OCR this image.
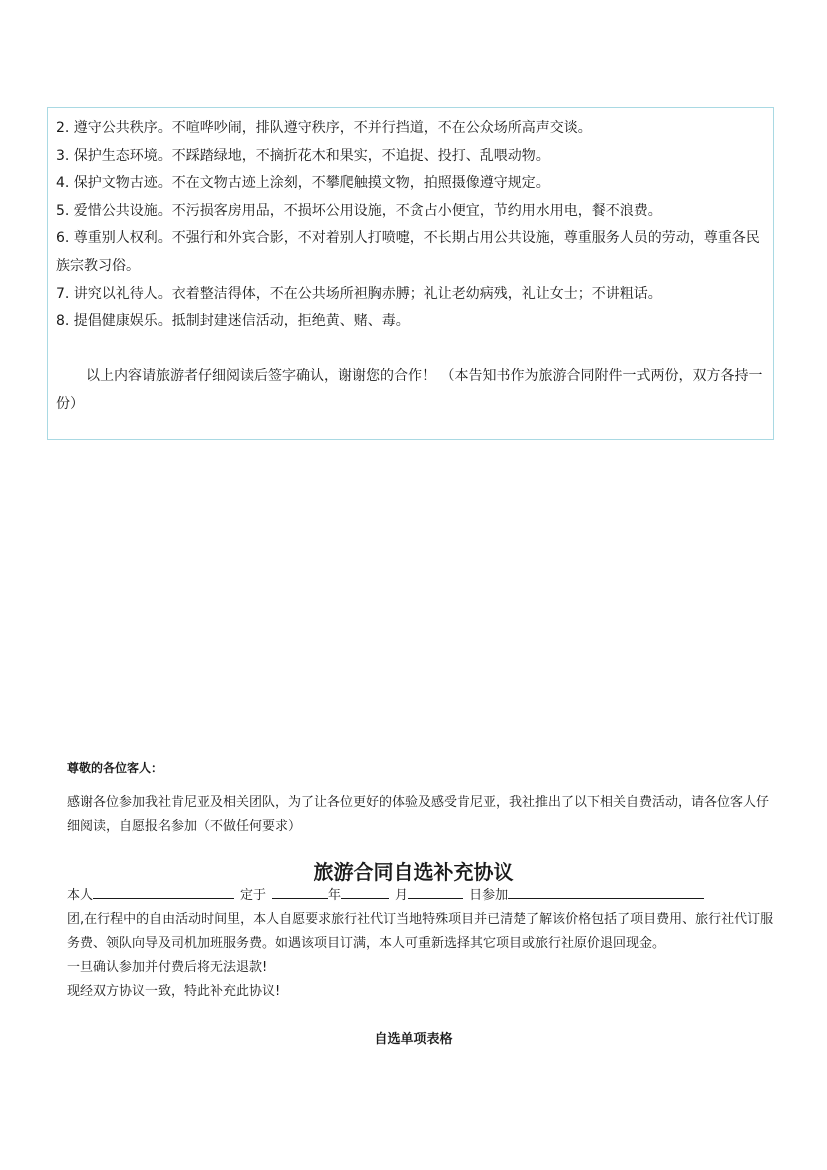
2. 遵守公共秩序。不喧哗吵闹，排队遵守秩序，不并行挡道，不在公众场所高声交谈。

3. 保护生态环境。不踩踏绿地，不摘折花木和果实，不追捉、投打、乱喂动物。

4. 保护文物古迹。不在文物古迹上涂刻，不攀爬触摸文物，拍照摄像遵守规定。

5. 爱惜公共设施。不污损客房用品，不损坏公用设施，不贪占小便宜，节约用水用电，餐不浪费。

6. 尊重别人权利。不强行和外宾合影，不对着别人打喷嚏，不长期占用公共设施，尊重服务人员的劳动，尊重各民族宗教习俗。

7. 讲究以礼待人。衣着整洁得体，不在公共场所袒胸赤膊；礼让老幼病残，礼让女士；不讲粗话。

8. 提倡健康娱乐。抵制封建迷信活动，拒绝黄、赌、毒。

以上内容请旅游者仔细阅读后签字确认，谢谢您的合作！ （本告知书作为旅游合同附件一式两份，双方各持一份）

尊敬的各位客人：

感谢各位参加我社肯尼亚及相关团队，为了让各位更好的体验及感受肯尼亚，我社推出了以下相关自费活动，请各位客人仔细阅读，自愿报名参加（不做任何要求）

旅游合同自选补充协议

本人	定于	年	月	日参加

团,在行程中的自由活动时间里，本人自愿要求旅行社代订当地特殊项目并已清楚了解该价格包括了项目费用、旅行社代订服务费、领队向导及司机加班服务费。如遇该项目订满，本人可重新选择其它项目或旅行社原价退回现金。

一旦确认参加并付费后将无法退款!

现经双方协议一致，特此补充此协议!

自选单项表格
